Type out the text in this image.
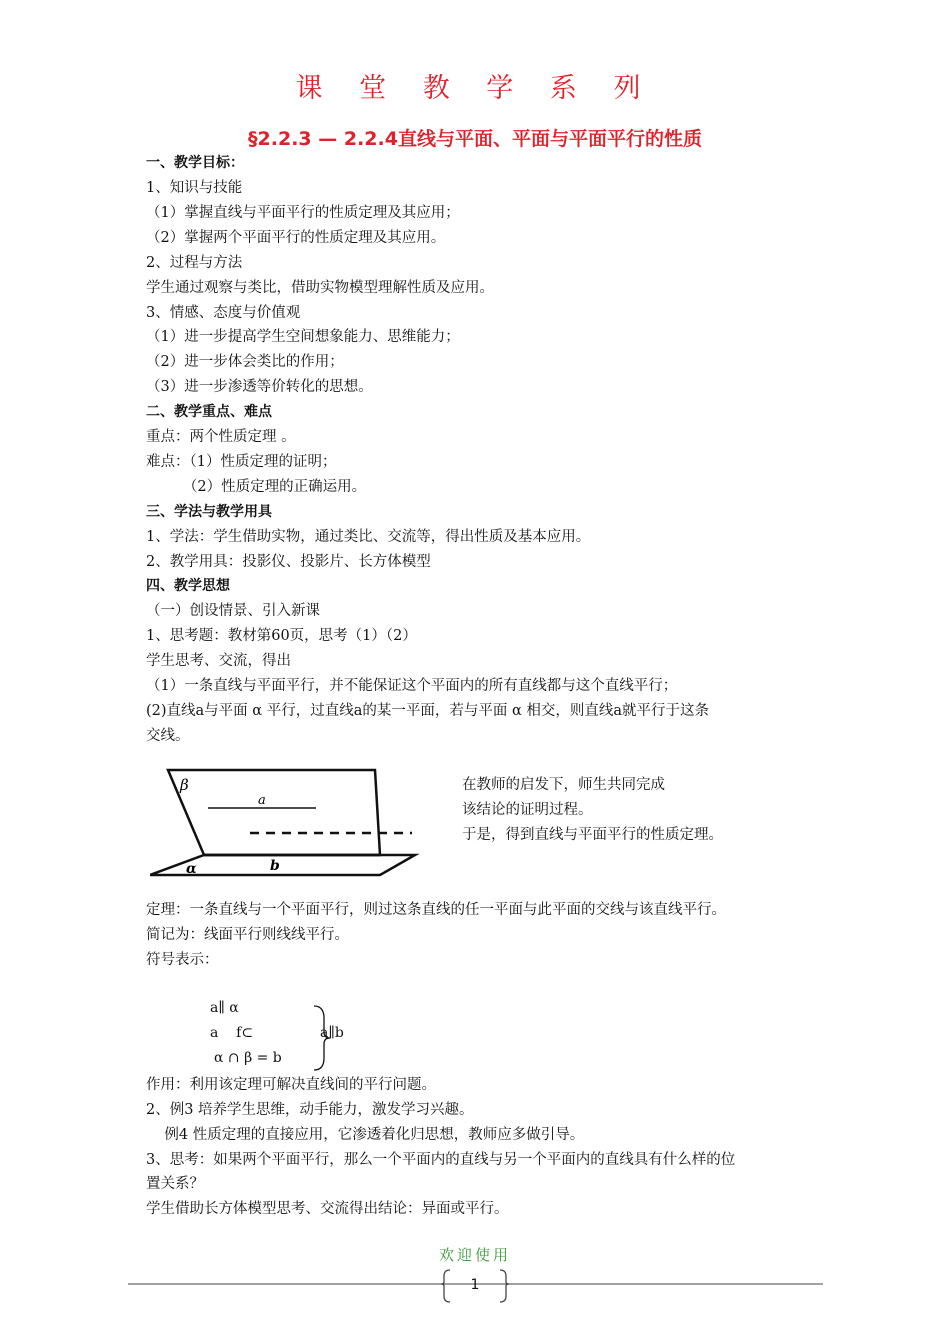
课 堂 教 学 系 列
§2.2.3 — 2.2.4直线与平面、平面与平面平行的性质
一、教学目标：
1、知识与技能
（1）掌握直线与平面平行的性质定理及其应用；
（2）掌握两个平面平行的性质定理及其应用。
2、过程与方法
学生通过观察与类比，借助实物模型理解性质及应用。
3、情感、态度与价值观
（1）进一步提高学生空间想象能力、思维能力；
（2）进一步体会类比的作用；
（3）进一步渗透等价转化的思想。
二、教学重点、难点
重点：两个性质定理 。
难点：（1）性质定理的证明；
（2）性质定理的正确运用。
三、学法与教学用具
1、学法：学生借助实物，通过类比、交流等，得出性质及基本应用。
2、教学用具：投影仪、投影片、长方体模型
四、教学思想
（一）创设情景、引入新课
1、思考题：教材第60页，思考（1）（2）
学生思考、交流，得出
（1）一条直线与平面平行，并不能保证这个平面内的所有直线都与这个直线平行；
(2)直线a与平面 α 平行，过直线a的某一平面，若与平面 α 相交，则直线a就平行于这条
交线。
β
a
b
α
在教师的启发下，师生共同完成
该结论的证明过程。
于是，得到直线与平面平行的性质定理。
定理：一条直线与一个平面平行，则过这条直线的任一平面与此平面的交线与该直线平行。
简记为：线面平行则线线平行。
符号表示：
a∥ α
a    f⊂
α ∩ β = b
a∥b
作用：利用该定理可解决直线间的平行问题。
2、例3 培养学生思维，动手能力，激发学习兴趣。
例4 性质定理的直接应用，它渗透着化归思想，教师应多做引导。
3、思考：如果两个平面平行，那么一个平面内的直线与另一个平面内的直线具有什么样的位
置关系？
学生借助长方体模型思考、交流得出结论：异面或平行。
欢迎使用
1
